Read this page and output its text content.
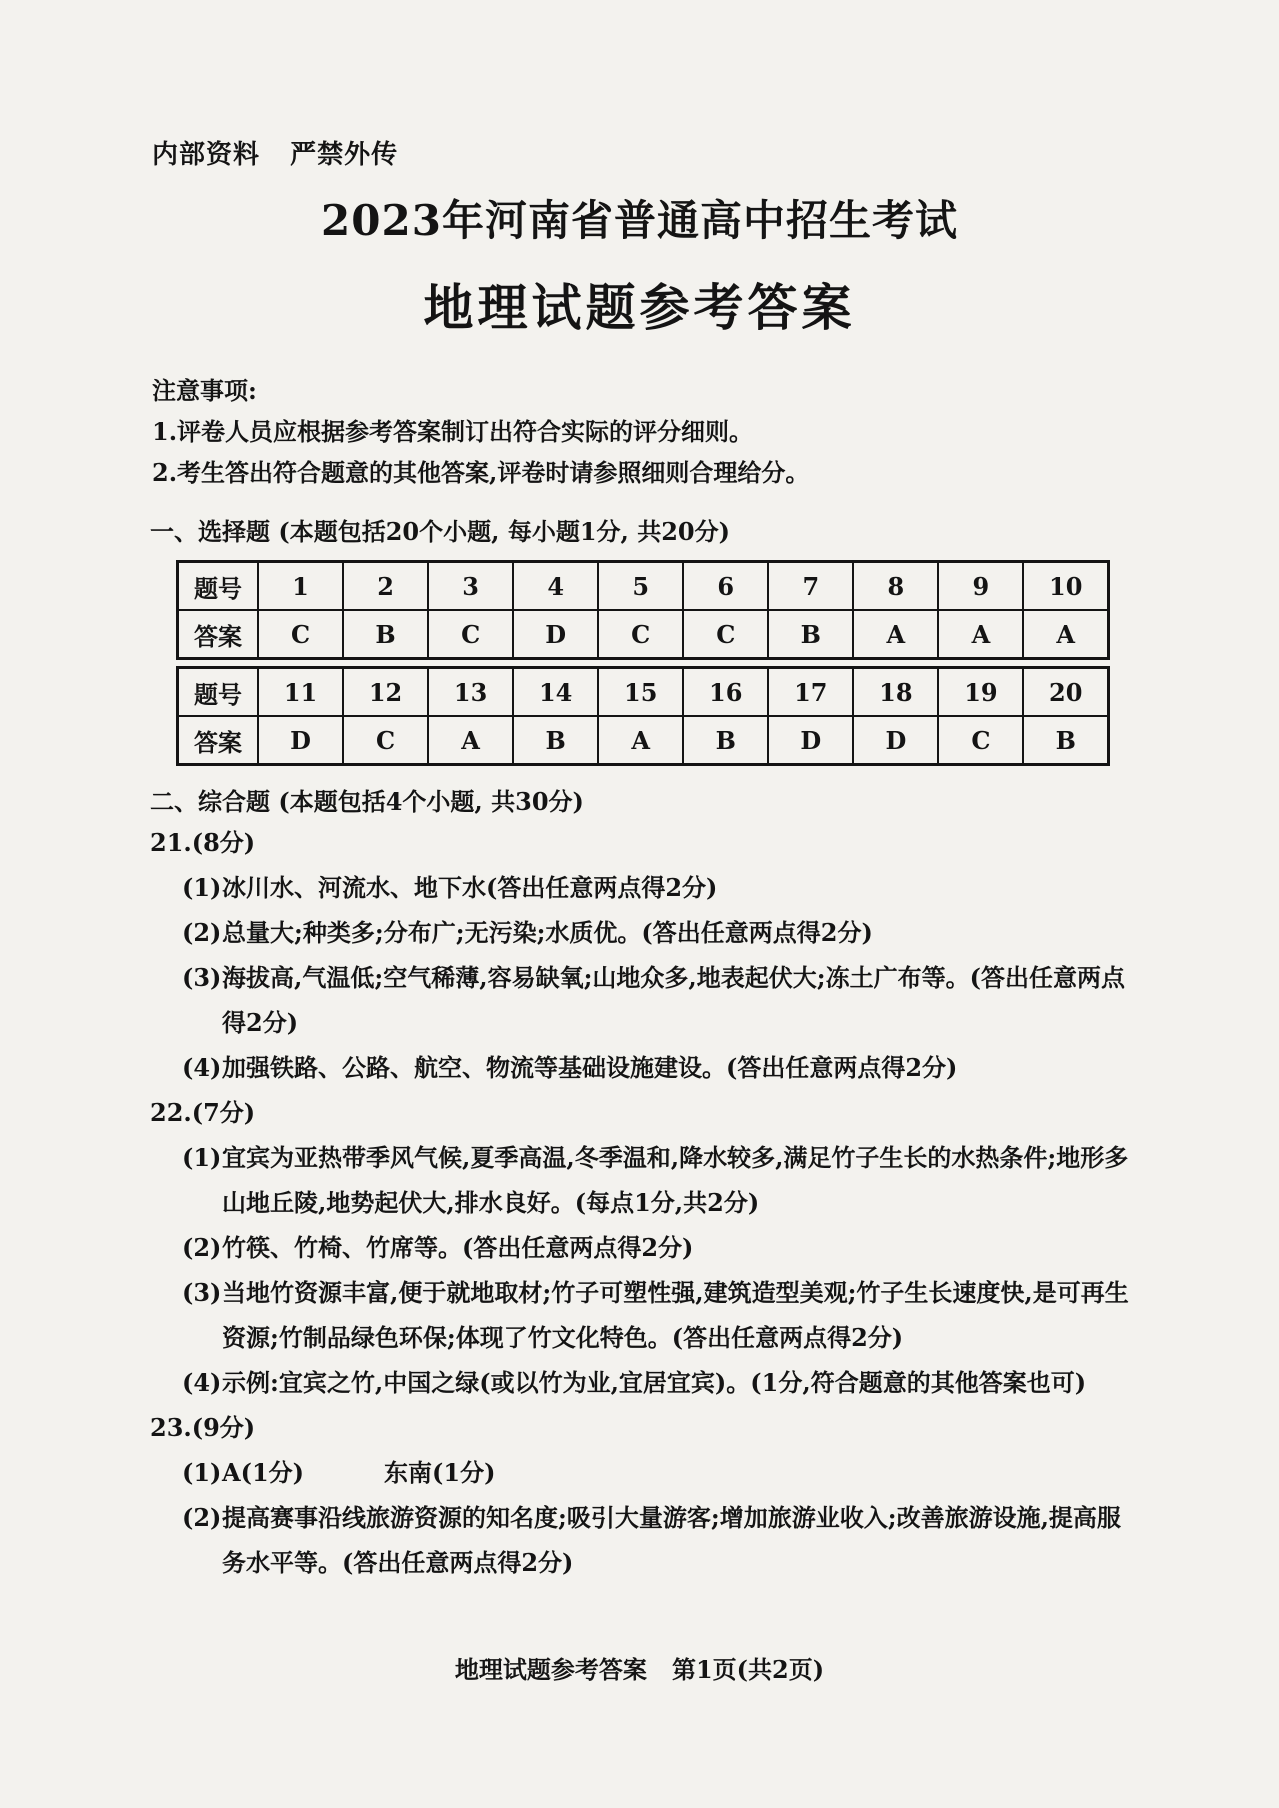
内部资料   严禁外传
2023年河南省普通高中招生考试
地理试题参考答案
注意事项:
1.评卷人员应根据参考答案制订出符合实际的评分细则。
2.考生答出符合题意的其他答案,评卷时请参照细则合理给分。
一、选择题 (本题包括20个小题, 每小题1分, 共20分)
题号	1	2	3	4	5	6	7	8	9	10
答案	C	B	C	D	C	C	B	A	A	A
题号	11	12	13	14	15	16	17	18	19	20
答案	D	C	A	B	A	B	D	D	C	B
二、综合题 (本题包括4个小题, 共30分)
21.(8分)
(1) 冰川水、河流水、地下水(答出任意两点得2分)
(2) 总量大;种类多;分布广;无污染;水质优。(答出任意两点得2分)
(3) 海拔高,气温低;空气稀薄,容易缺氧;山地众多,地表起伏大;冻土广布等。(答出任意两点得2分)
(4) 加强铁路、公路、航空、物流等基础设施建设。(答出任意两点得2分)
22.(7分)
(1) 宜宾为亚热带季风气候,夏季高温,冬季温和,降水较多,满足竹子生长的水热条件;地形多山地丘陵,地势起伏大,排水良好。(每点1分,共2分)
(2) 竹筷、竹椅、竹席等。(答出任意两点得2分)
(3) 当地竹资源丰富,便于就地取材;竹子可塑性强,建筑造型美观;竹子生长速度快,是可再生资源;竹制品绿色环保;体现了竹文化特色。(答出任意两点得2分)
(4) 示例:宜宾之竹,中国之绿(或以竹为业,宜居宜宾)。(1分,符合题意的其他答案也可)
23.(9分)
(1) A(1分)	东南(1分)
(2) 提高赛事沿线旅游资源的知名度;吸引大量游客;增加旅游业收入;改善旅游设施,提高服务水平等。(答出任意两点得2分)
地理试题参考答案   第1页(共2页)
